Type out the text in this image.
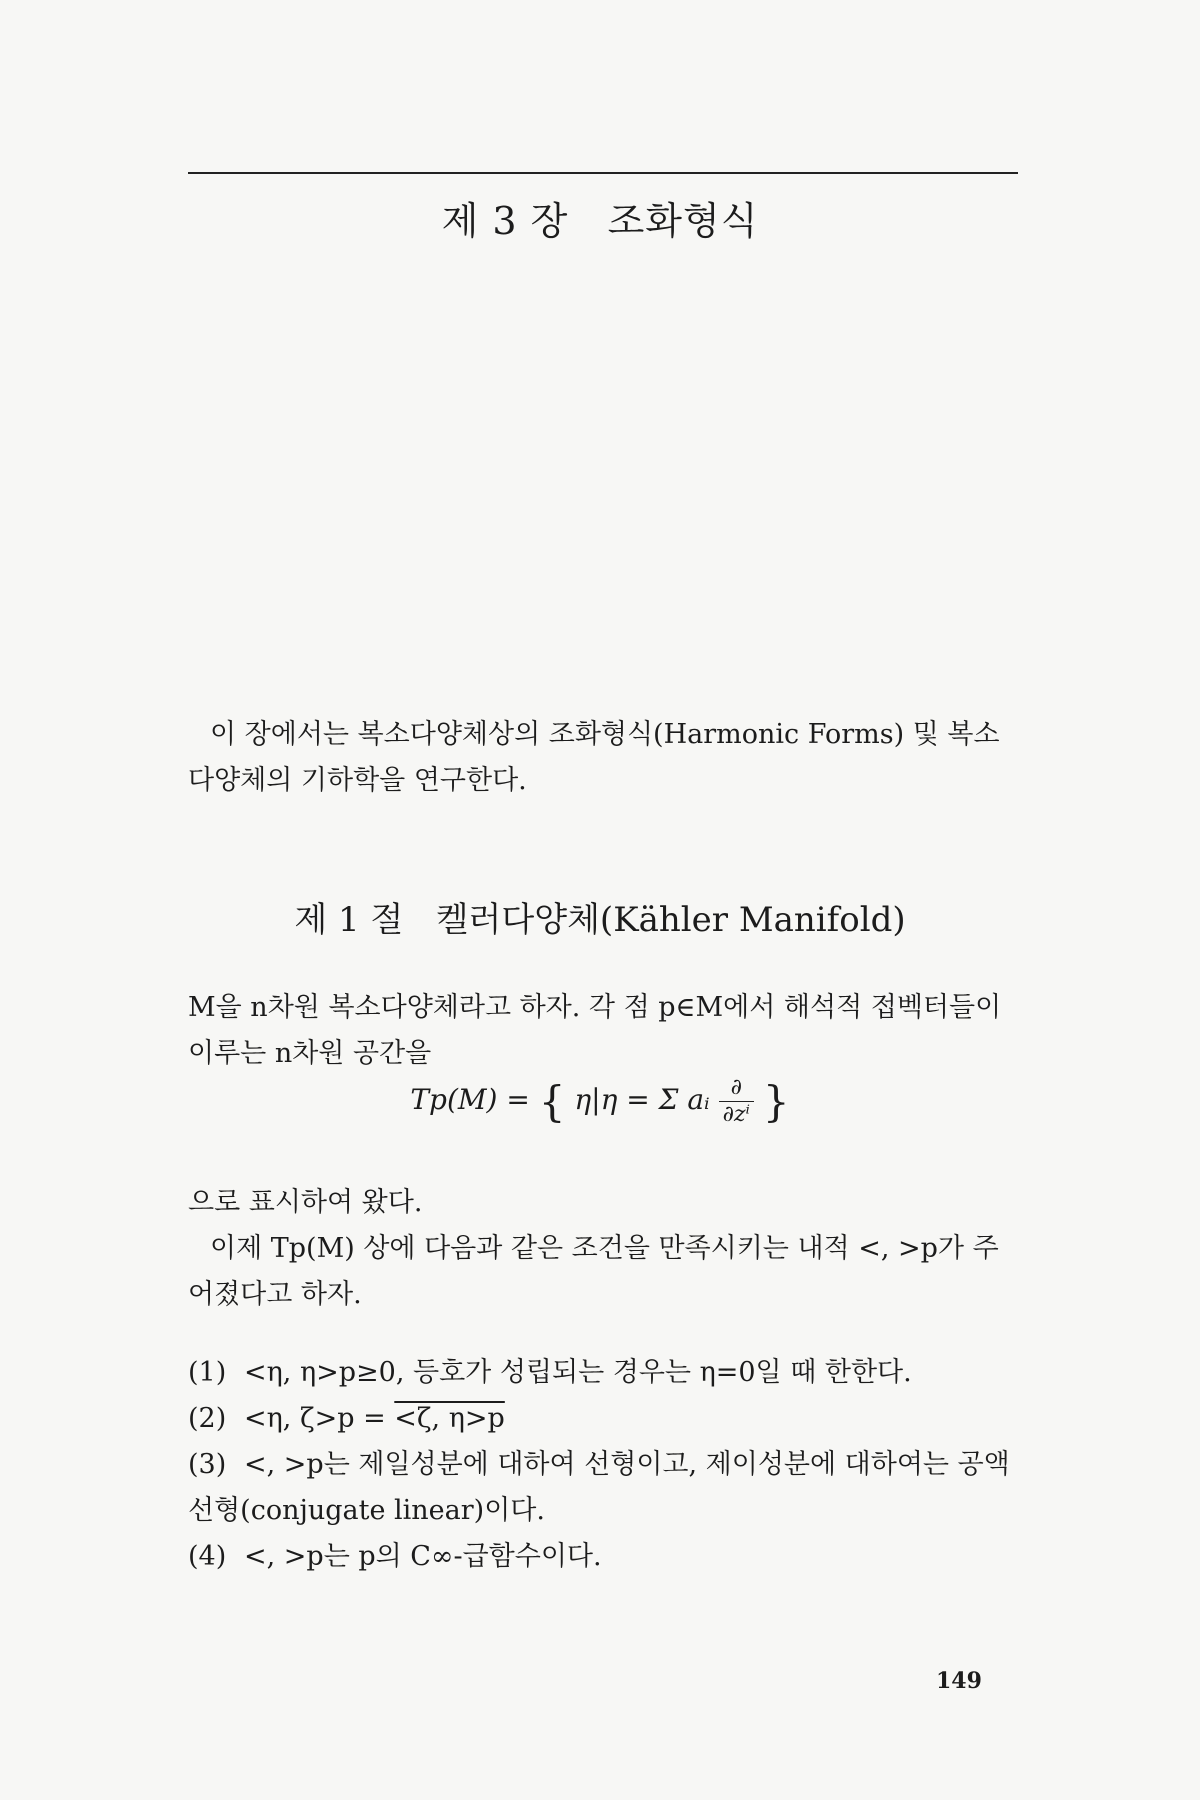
제 3 장   조화형식

이 장에서는 복소다양체상의 조화형식(Harmonic Forms) 및 복소다양체의 기하학을 연구한다.

제 1 절   켈러다양체(Kähler Manifold)

M을 n차원 복소다양체라고 하자. 각 점 p∈M에서 해석적 접벡터들이 이루는 n차원 공간을

Tp(M) = { η|η = Σ aᵢ $\frac{\partial}{\text{∂zⁱ}}$ }

으로 표시하여 왔다.

이제 Tp(M) 상에 다음과 같은 조건을 만족시키는 내적 <, >p가 주어졌다고 하자.

(1) <η, η>p≥0, 등호가 성립되는 경우는 η=0일 때 한한다.

(2) <η, ζ>p = <ζ, η>p

(3) <, >p는 제일성분에 대하여 선형이고, 제이성분에 대하여는 공액선형(conjugate linear)이다.

(4) <, >p는 p의 C∞-급함수이다.

149
